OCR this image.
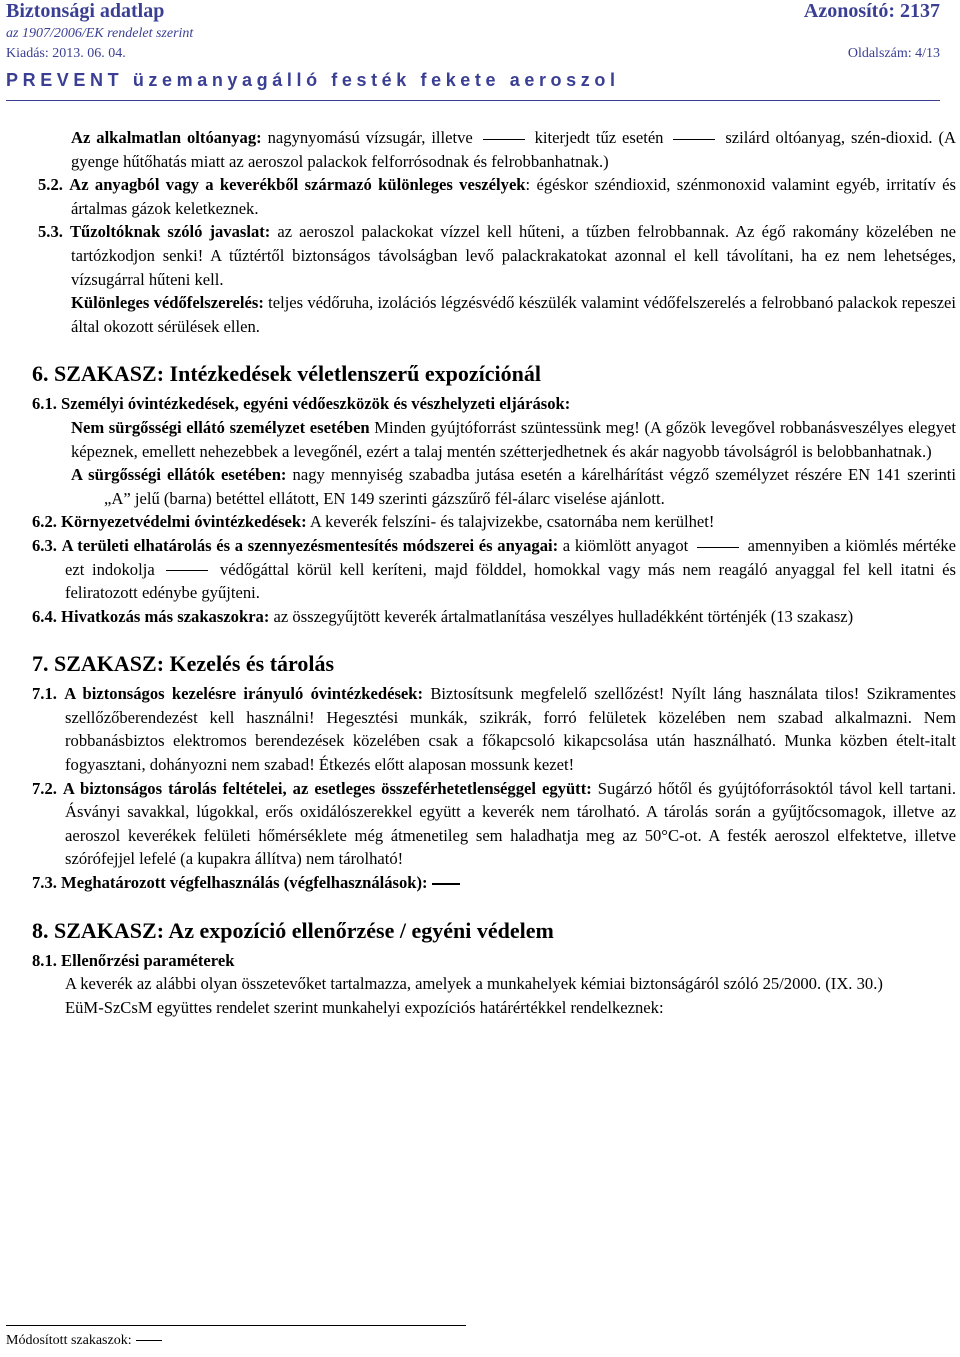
Biztonsági adatlap	Azonosító: 2137
az 1907/2006/EK rendelet szerint
Kiadás: 2013. 06. 04.	Oldalszám: 4/13
PREVENT üzemanyagálló festék fekete aeroszol

Az alkalmatlan oltóanyag: nagynyomású vízsugár, illetve	kiterjedt tűz esetén	szilárd oltóanyag, szén-dioxid. (A gyenge hűtőhatás miatt az aeroszol palackok felforrósodnak és felrobbanhatnak.)

5.2. Az anyagból vagy a keverékből származó különleges veszélyek: égéskor széndioxid, szénmonoxid valamint egyéb, irritatív és ártalmas gázok keletkeznek.

5.3. Tűzoltóknak szóló javaslat: az aeroszol palackokat vízzel kell hűteni, a tűzben felrobbannak. Az égő rakomány közelében ne tartózkodjon senki! A tűztértől biztonságos távolságban levő palackrakatokat azonnal el kell távolítani, ha ez nem lehetséges, vízsugárral hűteni kell.

Különleges védőfelszerelés: teljes védőruha, izolációs légzésvédő készülék valamint védőfelszerelés a felrobbanó palackok repeszei által okozott sérülések ellen.

6. SZAKASZ: Intézkedések véletlenszerű expozíciónál

6.1. Személyi óvintézkedések, egyéni védőeszközök és vészhelyzeti eljárások:

Nem sürgősségi ellátó személyzet esetében Minden gyújtóforrást szüntessünk meg! (A gőzök levegővel robbanásveszélyes elegyet képeznek, emellett nehezebbek a levegőnél, ezért a talaj mentén szétterjedhetnek és akár nagyobb távolságról is belobbanhatnak.)

A sürgősségi ellátók esetében: nagy mennyiség szabadba jutása esetén a kárelhárítást végző személyzet részére EN 141 szerinti „A” jelű (barna) betéttel ellátott, EN 149 szerinti gázszűrő fél-álarc viselése ajánlott.

6.2. Környezetvédelmi óvintézkedések: A keverék felszíni- és talajvizekbe, csatornába nem kerülhet!

6.3. A területi elhatárolás és a szennyezésmentesítés módszerei és anyagai: a kiömlött anyagot	amennyiben a kiömlés mértéke ezt indokolja	védőgáttal körül kell keríteni, majd földdel, homokkal vagy más nem reagáló anyaggal fel kell itatni és feliratozott edénybe gyűjteni.

6.4. Hivatkozás más szakaszokra: az összegyűjtött keverék ártalmatlanítása veszélyes hulladékként történjék (13 szakasz)

7. SZAKASZ: Kezelés és tárolás

7.1. A biztonságos kezelésre irányuló óvintézkedések: Biztosítsunk megfelelő szellőzést! Nyílt láng használata tilos! Szikramentes szellőzőberendezést kell használni! Hegesztési munkák, szikrák, forró felületek közelében nem szabad alkalmazni. Nem robbanásbiztos elektromos berendezések közelében csak a főkapcsoló kikapcsolása után használható. Munka közben ételt-italt fogyasztani, dohányozni nem szabad! Étkezés előtt alaposan mossunk kezet!

7.2. A biztonságos tárolás feltételei, az esetleges összeférhetetlenséggel együtt: Sugárzó hőtől és gyújtóforrásoktól távol kell tartani. Ásványi savakkal, lúgokkal, erős oxidálószerekkel együtt a keverék nem tárolható. A tárolás során a gyűjtőcsomagok, illetve az aeroszol keverékek felületi hőmérséklete még átmenetileg sem haladhatja meg az 50°C-ot. A festék aeroszol elfektetve, illetve szórófejjel lefelé (a kupakra állítva) nem tárolható!

7.3. Meghatározott végfelhasználás (végfelhasználások):

8. SZAKASZ: Az expozíció ellenőrzése / egyéni védelem

8.1. Ellenőrzési paraméterek

A keverék az alábbi olyan összetevőket tartalmazza, amelyek a munkahelyek kémiai biztonságáról szóló 25/2000. (IX. 30.) EüM-SzCsM együttes rendelet szerint munkahelyi expozíciós határértékkel rendelkeznek:

Módosított szakaszok:
